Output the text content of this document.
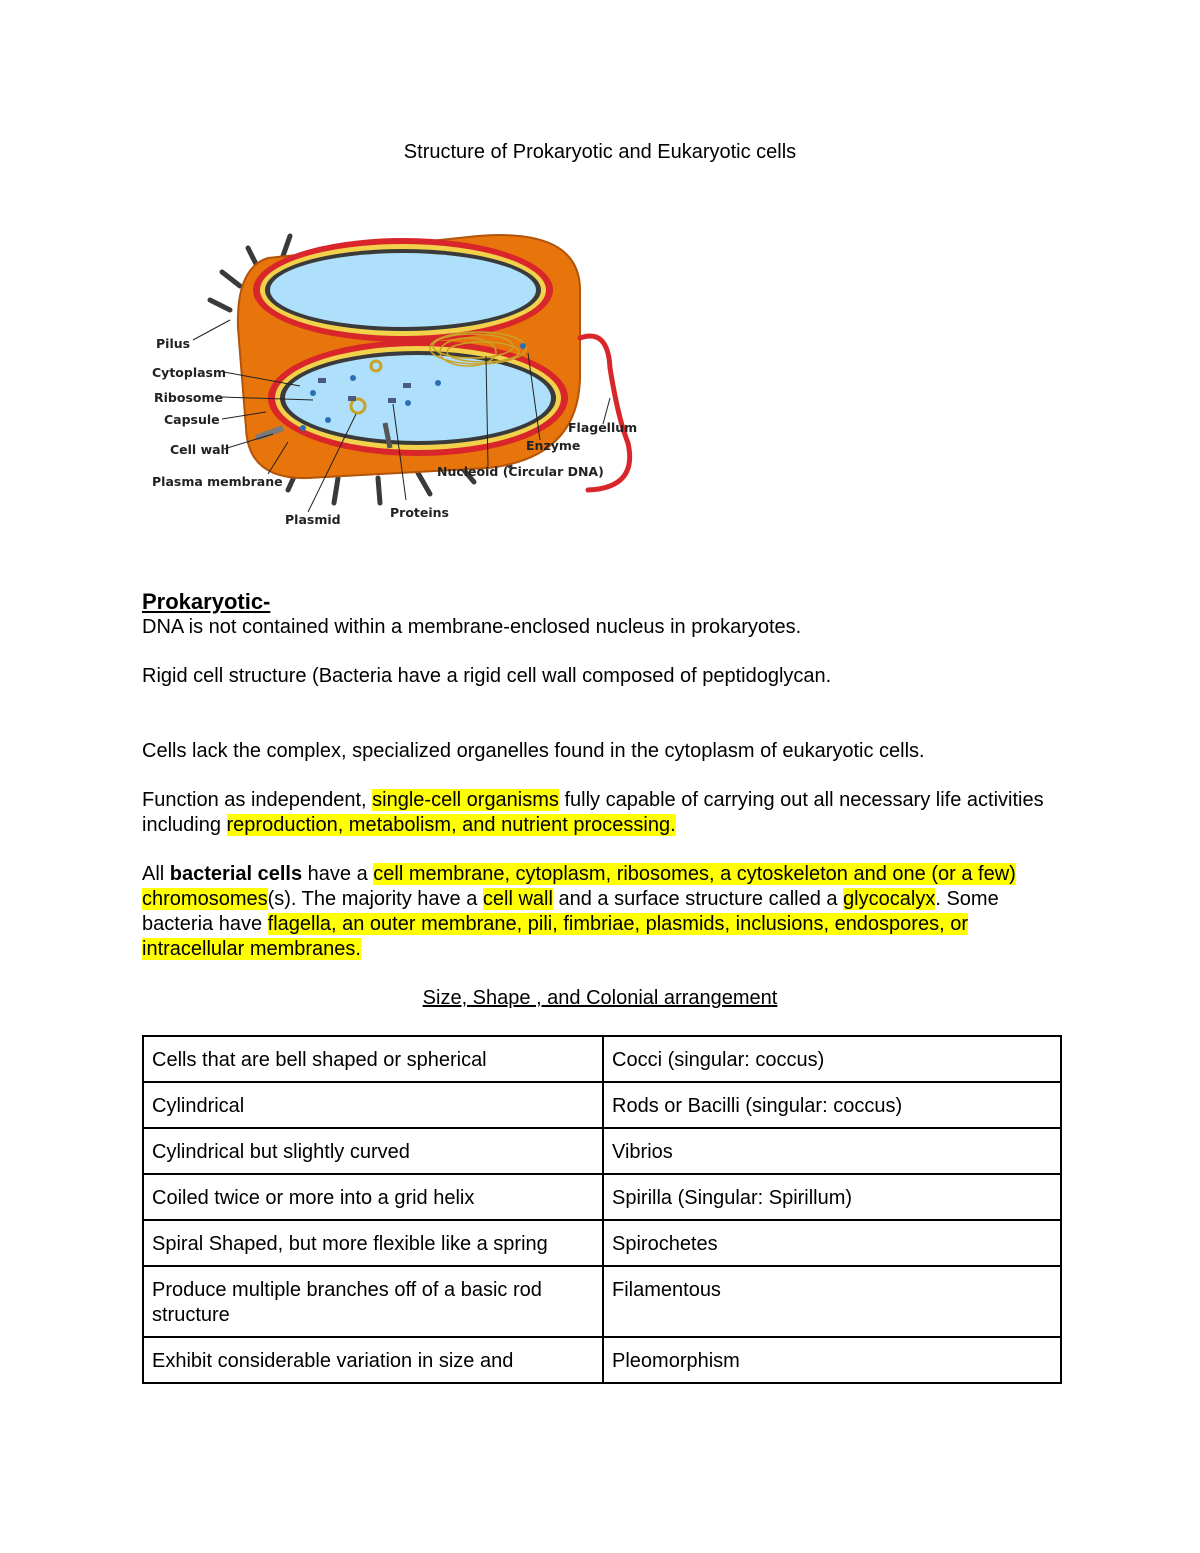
Structure of Prokaryotic and Eukaryotic cells
Pilus
Cytoplasm
Ribosome
Capsule
Cell wall
Plasma membrane
Plasmid	Proteins
Nucleoid (Circular DNA)
Enzyme
Flagellum
Prokaryotic-

DNA is not contained within a membrane-enclosed nucleus in prokaryotes.

Rigid cell structure (Bacteria have a rigid cell wall composed of peptidoglycan.

Cells lack the complex, specialized organelles found in the cytoplasm of eukaryotic cells.

Function as independent, single-cell organisms fully capable of carrying out all necessary life activities including reproduction, metabolism, and nutrient processing.

All bacterial cells have a cell membrane, cytoplasm, ribosomes, a cytoskeleton and one (or a few) chromosomes(s). The majority have a cell wall and a surface structure called a glycocalyx. Some bacteria have flagella, an outer membrane, pili, fimbriae, plasmids, inclusions, endospores, or intracellular membranes.

Size, Shape , and Colonial arrangement
Cells that are bell shaped or spherical	Cocci (singular: coccus)
Cylindrical	Rods or Bacilli (singular: coccus)
Cylindrical but slightly curved	Vibrios
Coiled twice or more into a grid helix	Spirilla (Singular: Spirillum)
Spiral Shaped, but more flexible like a spring	Spirochetes
Produce multiple branches off of a basic rod structure	Filamentous
Exhibit considerable variation in size and	Pleomorphism
